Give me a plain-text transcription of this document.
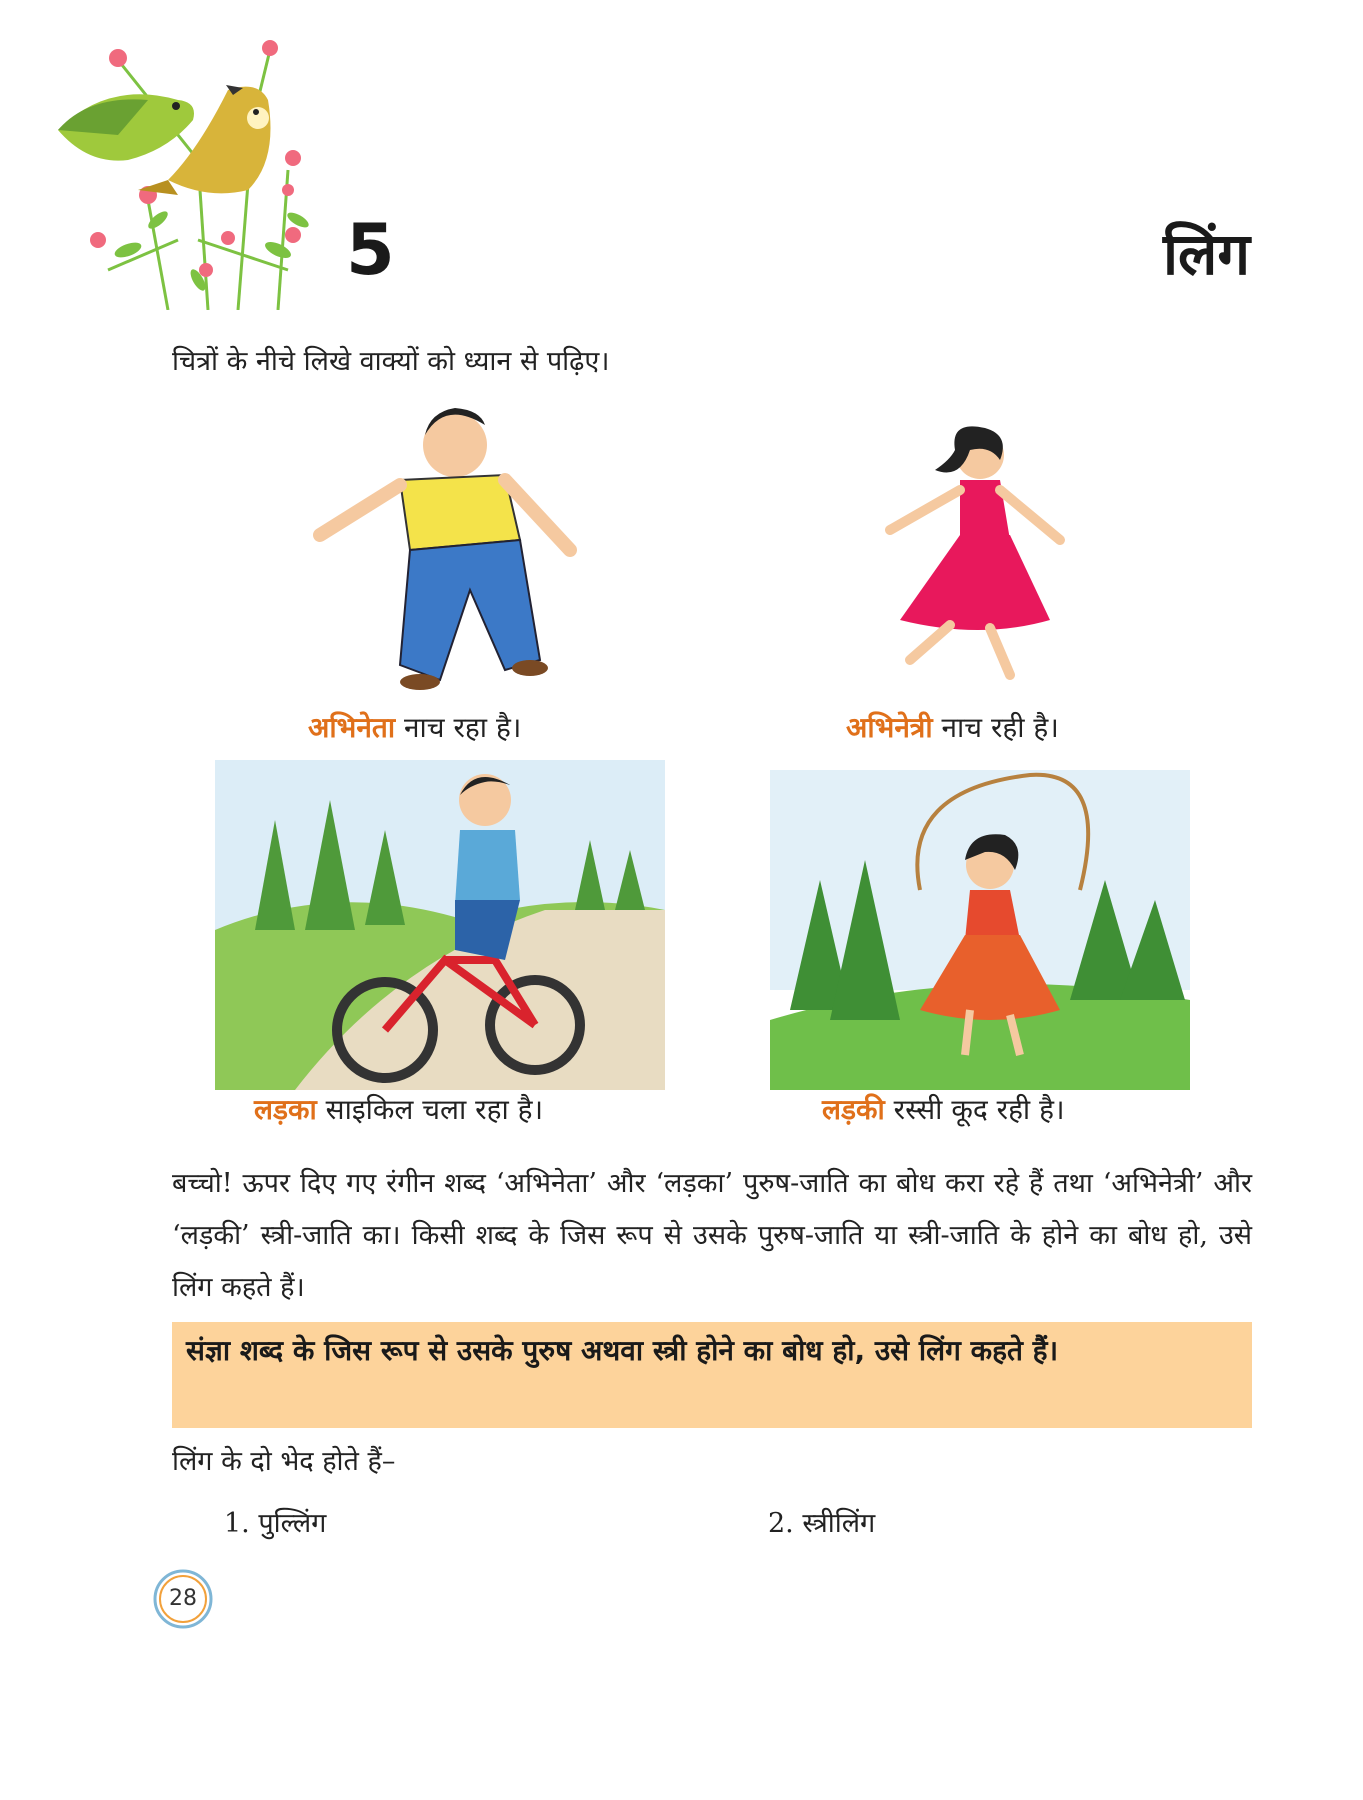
5	लिंग
चित्रों के नीचे लिखे वाक्यों को ध्यान से पढ़िए।
अभिनेता नाच रहा है।	अभिनेत्री नाच रही है।
लड़का साइकिल चला रहा है।	लड़की रस्सी कूद रही है।
बच्चो! ऊपर दिए गए रंगीन शब्द ‘अभिनेता’ और ‘लड़का’ पुरुष-जाति का बोध करा रहे हैं तथा ‘अभिनेत्री’ और ‘लड़की’ स्त्री-जाति का। किसी शब्द के जिस रूप से उसके पुरुष-जाति या स्त्री-जाति के होने का बोध हो, उसे लिंग कहते हैं।
संज्ञा शब्द के जिस रूप से उसके पुरुष अथवा स्त्री होने का बोध हो, उसे लिंग कहते हैं।
लिंग के दो भेद होते हैं–
1. पुल्लिंग	2. स्त्रीलिंग
28
